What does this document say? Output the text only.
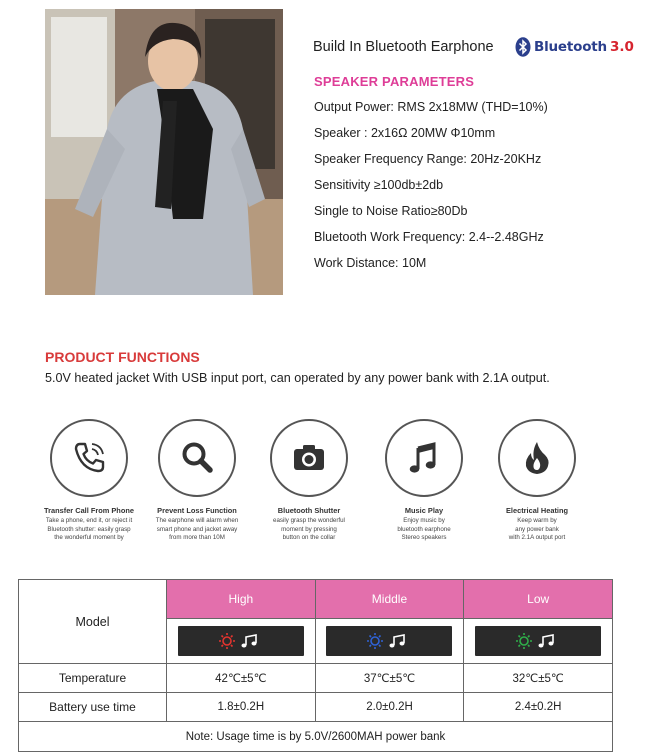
Build In Bluetooth Earphone	Bluetooth 3.0
SPEAKER PARAMETERS
Output Power: RMS 2x18MW (THD=10%)
Speaker : 2x16Ω 20MW Φ10mm
Speaker Frequency Range: 20Hz-20KHz
Sensitivity ≥100db±2db
Single to Noise Ratio≥80Db
Bluetooth Work Frequency: 2.4--2.48GHz
Work Distance: 10M
PRODUCT FUNCTIONS
5.0V heated jacket With USB input port, can operated by any power bank with 2.1A output.
Transfer Call From Phone
Take a phone, end it, or reject it
Bluetooth shutter: easily grasp
the wonderful moment by
Prevent Loss Function
The earphone will alarm when
smart phone and jacket away
from more than 10M
Bluetooth Shutter
easily grasp the wonderful
moment by pressing
button on the collar
Music Play
Enjoy music by
bluetooth earphone
Stereo speakers
Electrical Heating
Keep warm by
any power bank
with 2.1A output port
Model	High	Middle	Low

Temperature	42℃±5℃	37℃±5℃	32℃±5℃
Battery use time	1.8±0.2H	2.0±0.2H	2.4±0.2H
Note: Usage time is by 5.0V/2600MAH power bank			
